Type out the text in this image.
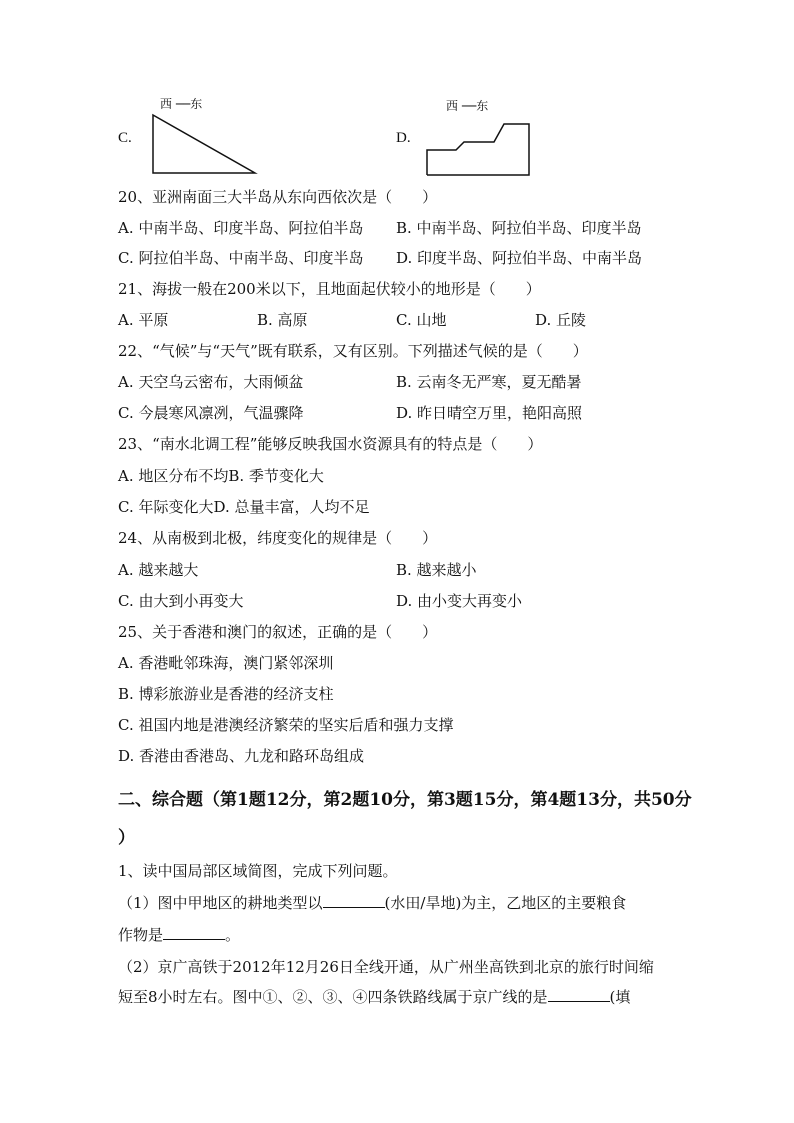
C.
西 ──东
D.
西 ──东
20、亚洲南面三大半岛从东向西依次是（　　）
A. 中南半岛、印度半岛、阿拉伯半岛 B. 中南半岛、阿拉伯半岛、印度半岛
C. 阿拉伯半岛、中南半岛、印度半岛 D. 印度半岛、阿拉伯半岛、中南半岛
21、海拔一般在200米以下，且地面起伏较小的地形是（　　）
A. 平原	B. 高原	C. 山地	D. 丘陵
22、“气候”与“天气”既有联系，又有区别。下列描述气候的是（　　）
A. 天空乌云密布，大雨倾盆	B. 云南冬无严寒，夏无酷暑
C. 今晨寒风凛冽，气温骤降	D. 昨日晴空万里，艳阳高照
23、“南水北调工程”能够反映我国水资源具有的特点是（　　）
A. 地区分布不均B. 季节变化大
C. 年际变化大D. 总量丰富，人均不足
24、从南极到北极，纬度变化的规律是（　　）
A. 越来越大	B. 越来越小
C. 由大到小再变大	D. 由小变大再变小
25、关于香港和澳门的叙述，正确的是（　　）
A. 香港毗邻珠海，澳门紧邻深圳
B. 博彩旅游业是香港的经济支柱
C. 祖国内地是港澳经济繁荣的坚实后盾和强力支撑
D. 香港由香港岛、九龙和路环岛组成
二、综合题（第1题12分，第2题10分，第3题15分，第4题13分，共50分
）
1、读中国局部区域简图，完成下列问题。
（1）图中甲地区的耕地类型以	(水田/旱地)为主，乙地区的主要粮食
作物是	。
（2）京广高铁于2012年12月26日全线开通，从广州坐高铁到北京的旅行时间缩
短至8小时左右。图中①、②、③、④四条铁路线属于京广线的是	(填
